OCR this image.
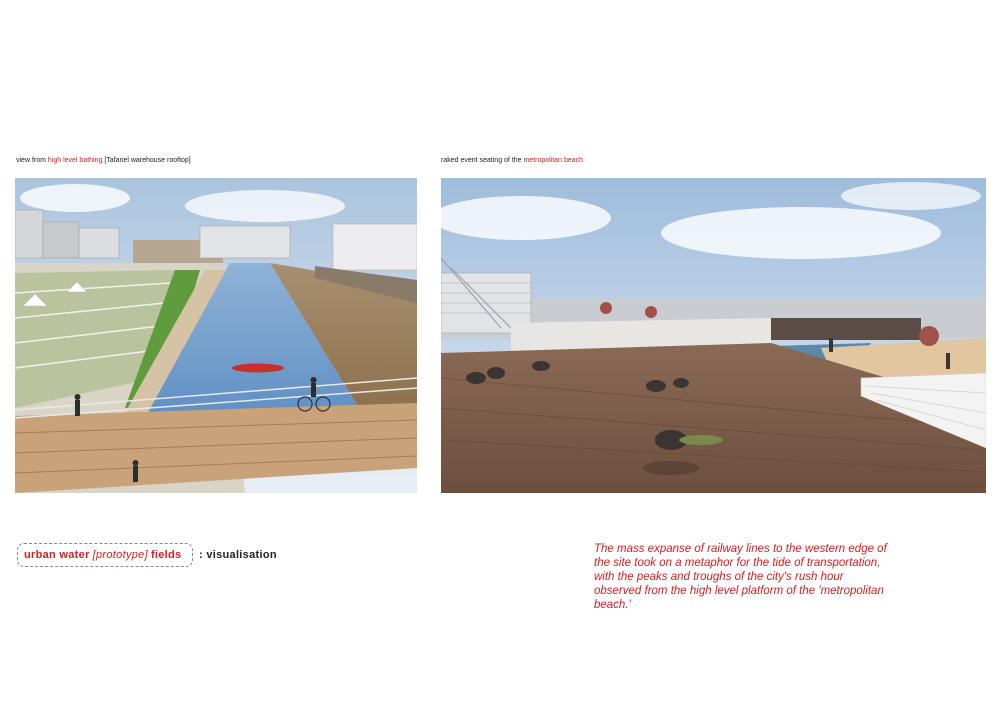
view from high level bathing [Tafanel warehouse rooftop]	raked event seating of the metropolitan beach
urban water [prototype] fields : visualisation	The mass expanse of railway lines to the western edge of the site took on a metaphor for the tide of transportation, with the peaks and troughs of the city's rush hour observed from the high level platform of the 'metropolitan beach.'
